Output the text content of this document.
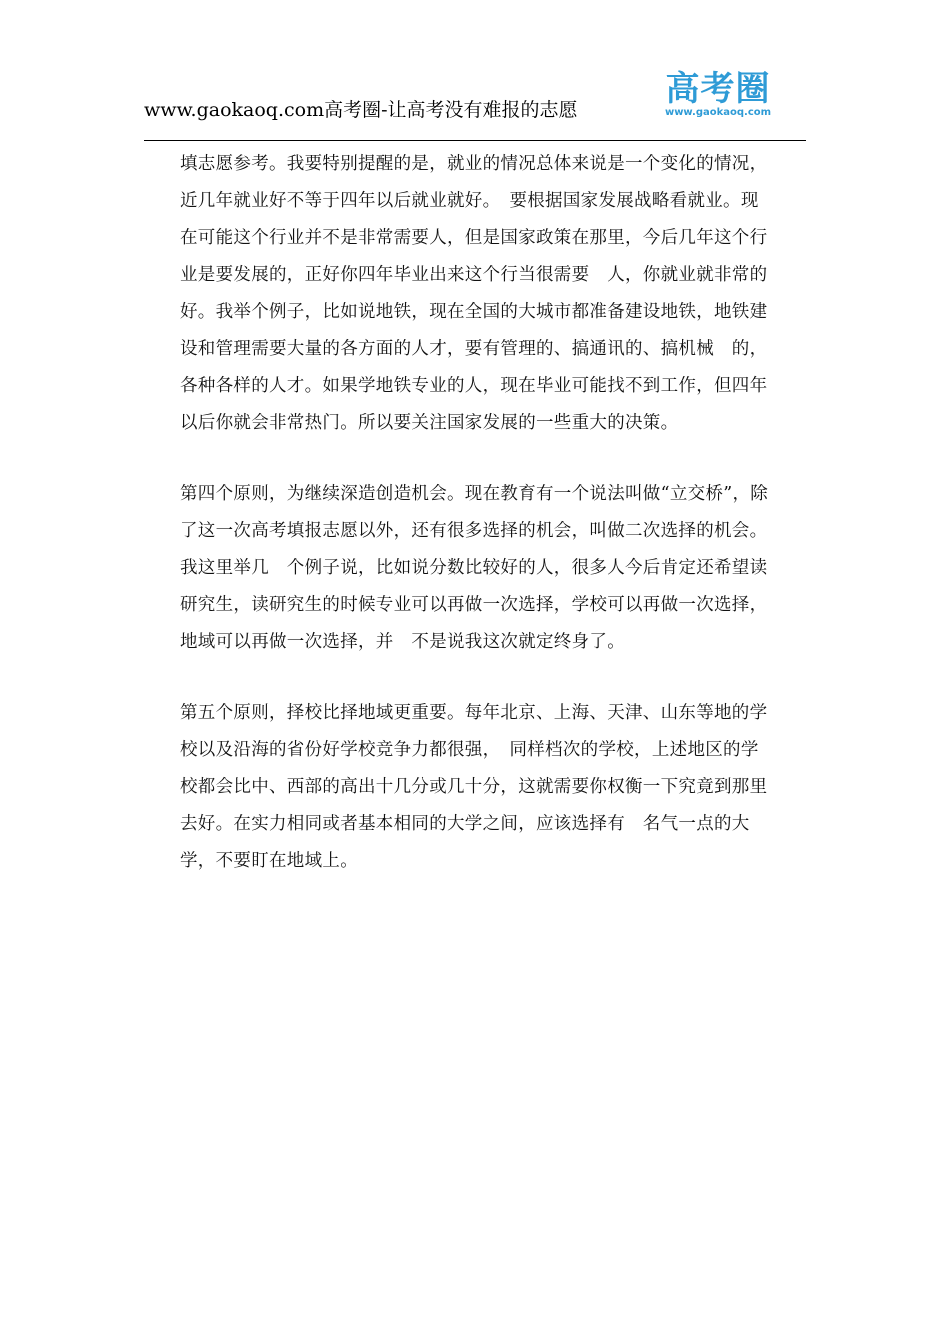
www.gaokaoq.com高考圈-让高考没有难报的志愿
高考圈
www.gaokaoq.com

填志愿参考。我要特别提醒的是，就业的情况总体来说是一个变化的情况，近几年就业好不等于四年以后就业就好。　要根据国家发展战略看就业。现在可能这个行业并不是非常需要人，但是国家政策在那里，今后几年这个行业是要发展的，正好你四年毕业出来这个行当很需要　人，你就业就非常的好。我举个例子，比如说地铁，现在全国的大城市都准备建设地铁，地铁建设和管理需要大量的各方面的人才，要有管理的、搞通讯的、搞机械　的，各种各样的人才。如果学地铁专业的人，现在毕业可能找不到工作，但四年以后你就会非常热门。所以要关注国家发展的一些重大的决策。

第四个原则，为继续深造创造机会。现在教育有一个说法叫做“立交桥”，除了这一次高考填报志愿以外，还有很多选择的机会，叫做二次选择的机会。我这里举几　个例子说，比如说分数比较好的人，很多人今后肯定还希望读研究生，读研究生的时候专业可以再做一次选择，学校可以再做一次选择，地域可以再做一次选择，并　不是说我这次就定终身了。

第五个原则，择校比择地域更重要。每年北京、上海、天津、山东等地的学校以及沿海的省份好学校竞争力都很强，　同样档次的学校，上述地区的学校都会比中、西部的高出十几分或几十分，这就需要你权衡一下究竟到那里去好。在实力相同或者基本相同的大学之间，应该选择有　名气一点的大学，不要盯在地域上。
